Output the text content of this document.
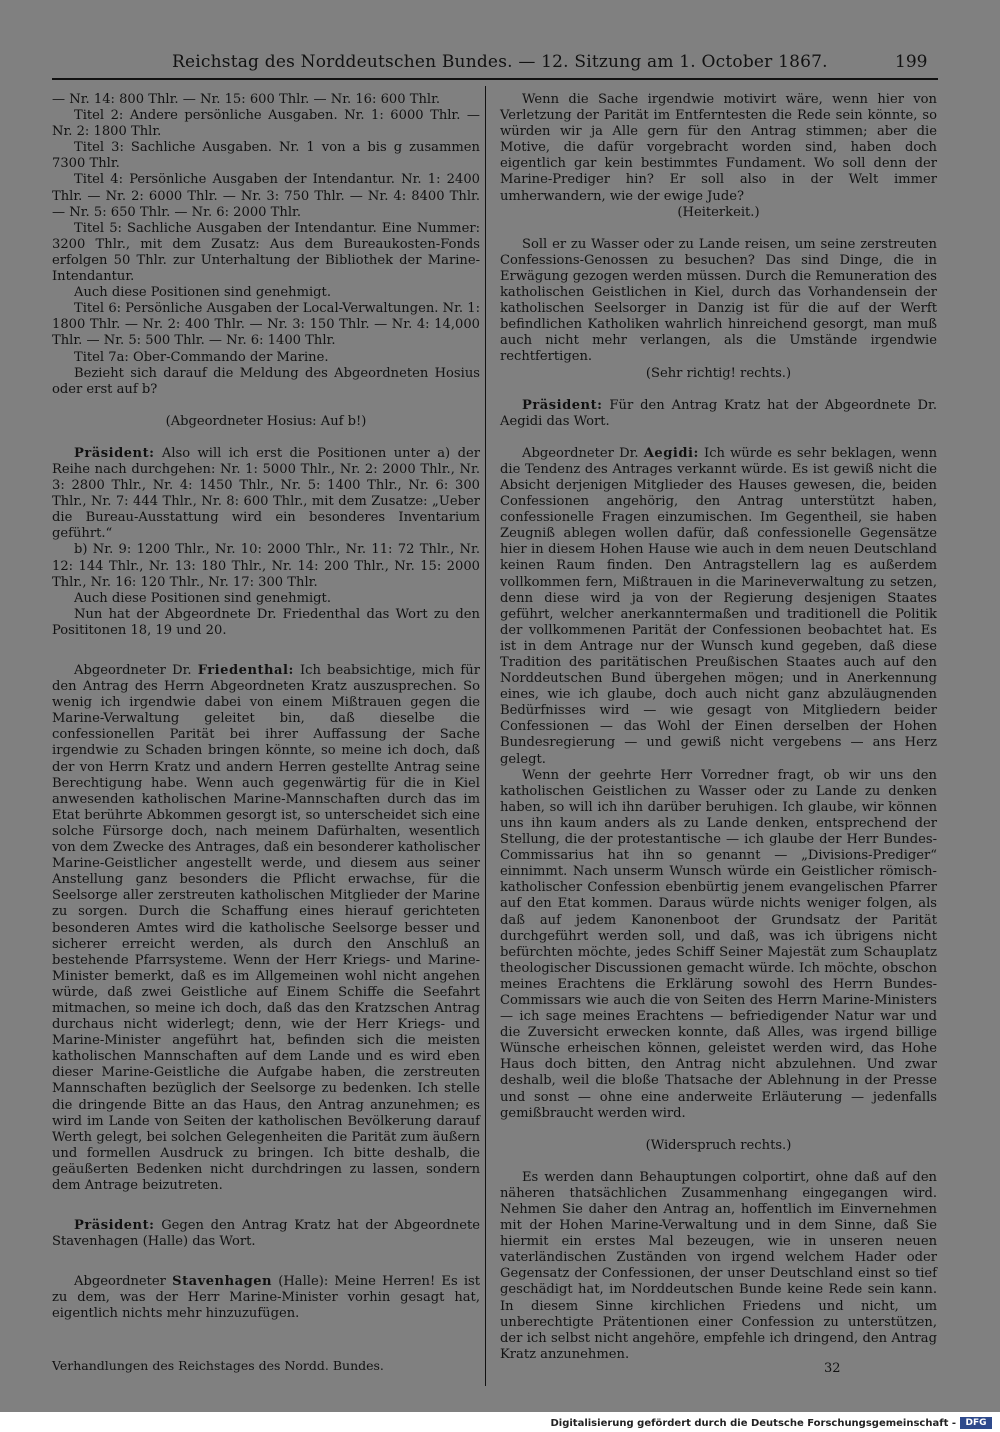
Reichstag des Norddeutschen Bundes. — 12. Sitzung am 1. October 1867.	199

— Nr. 14: 800 Thlr. — Nr. 15: 600 Thlr. — Nr. 16: 600 Thlr.

Titel 2: Andere persönliche Ausgaben. Nr. 1: 6000 Thlr. — Nr. 2: 1800 Thlr.

Titel 3: Sachliche Ausgaben. Nr. 1 von a bis g zusammen 7300 Thlr.

Titel 4: Persönliche Ausgaben der Intendantur. Nr. 1: 2400 Thlr. — Nr. 2: 6000 Thlr. — Nr. 3: 750 Thlr. — Nr. 4: 8400 Thlr. — Nr. 5: 650 Thlr. — Nr. 6: 2000 Thlr.

Titel 5: Sachliche Ausgaben der Intendantur. Eine Nummer: 3200 Thlr., mit dem Zusatz: Aus dem Bureaukosten-Fonds erfolgen 50 Thlr. zur Unterhaltung der Bibliothek der Marine-Intendantur.

Auch diese Positionen sind genehmigt.

Titel 6: Persönliche Ausgaben der Local-Verwaltungen. Nr. 1: 1800 Thlr. — Nr. 2: 400 Thlr. — Nr. 3: 150 Thlr. — Nr. 4: 14,000 Thlr. — Nr. 5: 500 Thlr. — Nr. 6: 1400 Thlr.

Titel 7a: Ober-Commando der Marine.

Bezieht sich darauf die Meldung des Abgeordneten Hosius oder erst auf b?

(Abgeordneter Hosius: Auf b!)

Präsident: Also will ich erst die Positionen unter a) der Reihe nach durchgehen: Nr. 1: 5000 Thlr., Nr. 2: 2000 Thlr., Nr. 3: 2800 Thlr., Nr. 4: 1450 Thlr., Nr. 5: 1400 Thlr., Nr. 6: 300 Thlr., Nr. 7: 444 Thlr., Nr. 8: 600 Thlr., mit dem Zusatze: „Ueber die Bureau-Ausstattung wird ein besonderes Inventarium geführt.“

b) Nr. 9: 1200 Thlr., Nr. 10: 2000 Thlr., Nr. 11: 72 Thlr., Nr. 12: 144 Thlr., Nr. 13: 180 Thlr., Nr. 14: 200 Thlr., Nr. 15: 2000 Thlr., Nr. 16: 120 Thlr., Nr. 17: 300 Thlr.

Auch diese Positionen sind genehmigt.

Nun hat der Abgeordnete Dr. Friedenthal das Wort zu den Posititonen 18, 19 und 20.

Abgeordneter Dr. Friedenthal: Ich beabsichtige, mich für den Antrag des Herrn Abgeordneten Kratz auszusprechen. So wenig ich irgendwie dabei von einem Mißtrauen gegen die Marine-Verwaltung geleitet bin, daß dieselbe die confessionellen Parität bei ihrer Auffassung der Sache irgendwie zu Schaden bringen könnte, so meine ich doch, daß der von Herrn Kratz und andern Herren gestellte Antrag seine Berechtigung habe. Wenn auch gegenwärtig für die in Kiel anwesenden katholischen Marine-Mannschaften durch das im Etat berührte Abkommen gesorgt ist, so unterscheidet sich eine solche Fürsorge doch, nach meinem Dafürhalten, wesentlich von dem Zwecke des Antrages, daß ein besonderer katholischer Marine-Geistlicher angestellt werde, und diesem aus seiner Anstellung ganz besonders die Pflicht erwachse, für die Seelsorge aller zerstreuten katholischen Mitglieder der Marine zu sorgen. Durch die Schaffung eines hierauf gerichteten besonderen Amtes wird die katholische Seelsorge besser und sicherer erreicht werden, als durch den Anschluß an bestehende Pfarrsysteme. Wenn der Herr Kriegs- und Marine-Minister bemerkt, daß es im Allgemeinen wohl nicht angehen würde, daß zwei Geistliche auf Einem Schiffe die Seefahrt mitmachen, so meine ich doch, daß das den Kratzschen Antrag durchaus nicht widerlegt; denn, wie der Herr Kriegs- und Marine-Minister angeführt hat, befinden sich die meisten katholischen Mannschaften auf dem Lande und es wird eben dieser Marine-Geistliche die Aufgabe haben, die zerstreuten Mannschaften bezüglich der Seelsorge zu bedenken. Ich stelle die dringende Bitte an das Haus, den Antrag anzunehmen; es wird im Lande von Seiten der katholischen Bevölkerung darauf Werth gelegt, bei solchen Gelegenheiten die Parität zum äußern und formellen Ausdruck zu bringen. Ich bitte deshalb, die geäußerten Bedenken nicht durchdringen zu lassen, sondern dem Antrage beizutreten.

Präsident: Gegen den Antrag Kratz hat der Abgeordnete Stavenhagen (Halle) das Wort.

Abgeordneter Stavenhagen (Halle): Meine Herren! Es ist zu dem, was der Herr Marine-Minister vorhin gesagt hat, eigentlich nichts mehr hinzuzufügen.

Wenn die Sache irgendwie motivirt wäre, wenn hier von Verletzung der Parität im Entferntesten die Rede sein könnte, so würden wir ja Alle gern für den Antrag stimmen; aber die Motive, die dafür vorgebracht worden sind, haben doch eigentlich gar kein bestimmtes Fundament. Wo soll denn der Marine-Prediger hin? Er soll also in der Welt immer umherwandern, wie der ewige Jude?

(Heiterkeit.)

Soll er zu Wasser oder zu Lande reisen, um seine zerstreuten Confessions-Genossen zu besuchen? Das sind Dinge, die in Erwägung gezogen werden müssen. Durch die Remuneration des katholischen Geistlichen in Kiel, durch das Vorhandensein der katholischen Seelsorger in Danzig ist für die auf der Werft befindlichen Katholiken wahrlich hinreichend gesorgt, man muß auch nicht mehr verlangen, als die Umstände irgendwie rechtfertigen.

(Sehr richtig! rechts.)

Präsident: Für den Antrag Kratz hat der Abgeordnete Dr. Aegidi das Wort.

Abgeordneter Dr. Aegidi: Ich würde es sehr beklagen, wenn die Tendenz des Antrages verkannt würde. Es ist gewiß nicht die Absicht derjenigen Mitglieder des Hauses gewesen, die, beiden Confessionen angehörig, den Antrag unterstützt haben, confessionelle Fragen einzumischen. Im Gegentheil, sie haben Zeugniß ablegen wollen dafür, daß confessionelle Gegensätze hier in diesem Hohen Hause wie auch in dem neuen Deutschland keinen Raum finden. Den Antragstellern lag es außerdem vollkommen fern, Mißtrauen in die Marineverwaltung zu setzen, denn diese wird ja von der Regierung desjenigen Staates geführt, welcher anerkanntermaßen und traditionell die Politik der vollkommenen Parität der Confessionen beobachtet hat. Es ist in dem Antrage nur der Wunsch kund gegeben, daß diese Tradition des paritätischen Preußischen Staates auch auf den Norddeutschen Bund übergehen mögen; und in Anerkennung eines, wie ich glaube, doch auch nicht ganz abzuläugnenden Bedürfnisses wird — wie gesagt von Mitgliedern beider Confessionen — das Wohl der Einen derselben der Hohen Bundesregierung — und gewiß nicht vergebens — ans Herz gelegt.

Wenn der geehrte Herr Vorredner fragt, ob wir uns den katholischen Geistlichen zu Wasser oder zu Lande zu denken haben, so will ich ihn darüber beruhigen. Ich glaube, wir können uns ihn kaum anders als zu Lande denken, entsprechend der Stellung, die der protestantische — ich glaube der Herr Bundes-Commissarius hat ihn so genannt — „Divisions-Prediger“ einnimmt. Nach unserm Wunsch würde ein Geistlicher römisch-katholischer Confession ebenbürtig jenem evangelischen Pfarrer auf den Etat kommen. Daraus würde nichts weniger folgen, als daß auf jedem Kanonenboot der Grundsatz der Parität durchgeführt werden soll, und daß, was ich übrigens nicht befürchten möchte, jedes Schiff Seiner Majestät zum Schauplatz theologischer Discussionen gemacht würde. Ich möchte, obschon meines Erachtens die Erklärung sowohl des Herrn Bundes-Commissars wie auch die von Seiten des Herrn Marine-Ministers — ich sage meines Erachtens — befriedigender Natur war und die Zuversicht erwecken konnte, daß Alles, was irgend billige Wünsche erheischen können, geleistet werden wird, das Hohe Haus doch bitten, den Antrag nicht abzulehnen. Und zwar deshalb, weil die bloße Thatsache der Ablehnung in der Presse und sonst — ohne eine anderweite Erläuterung — jedenfalls gemißbraucht werden wird.

(Widerspruch rechts.)

Es werden dann Behauptungen colportirt, ohne daß auf den näheren thatsächlichen Zusammenhang eingegangen wird. Nehmen Sie daher den Antrag an, hoffentlich im Einvernehmen mit der Hohen Marine-Verwaltung und in dem Sinne, daß Sie hiermit ein erstes Mal bezeugen, wie in unseren neuen vaterländischen Zuständen von irgend welchem Hader oder Gegensatz der Confessionen, der unser Deutschland einst so tief geschädigt hat, im Norddeutschen Bunde keine Rede sein kann. In diesem Sinne kirchlichen Friedens und nicht, um unberechtigte Prätentionen einer Confession zu unterstützen, der ich selbst nicht angehöre, empfehle ich dringend, den Antrag Kratz anzunehmen.

Verhandlungen des Reichstages des Nordd. Bundes.	32
Digitalisierung gefördert durch die Deutsche Forschungsgemeinschaft -	DFG
